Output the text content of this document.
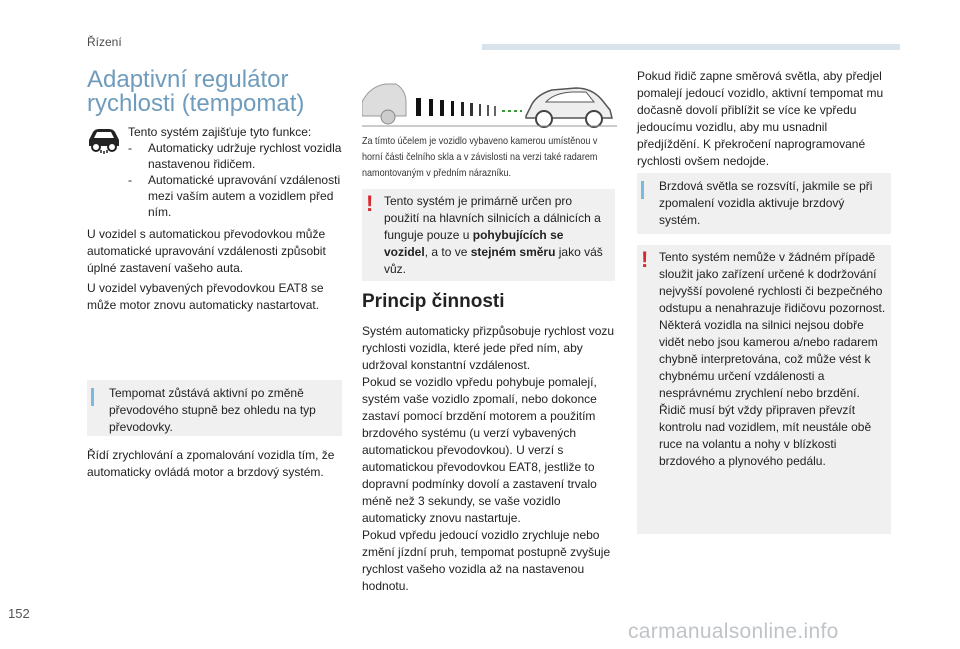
Řízení
Adaptivní regulátor rychlosti (tempomat)
Tento systém zajišťuje tyto funkce:
- Automaticky udržuje rychlost vozidla nastavenou řidičem.
- Automatické upravování vzdálenosti mezi vaším autem a vozidlem před ním.
U vozidel s automatickou převodovkou může automatické upravování vzdálenosti způsobit úplné zastavení vašeho auta.
U vozidel vybavených převodovkou EAT8 se může motor znovu automaticky nastartovat.
Tempomat zůstává aktivní po změně převodového stupně bez ohledu na typ převodovky.
Řídí zrychlování a zpomalování vozidla tím, že automaticky ovládá motor a brzdový systém.
Za tímto účelem je vozidlo vybaveno kamerou umístěnou v horní části čelního skla a v závislosti na verzi také radarem namontovaným v předním nárazníku.
! Tento systém je primárně určen pro použití na hlavních silnicích a dálnicích a funguje pouze u pohybujících se vozidel, a to ve stejném směru jako váš vůz.
Princip činnosti
Systém automaticky přizpůsobuje rychlost vozu rychlosti vozidla, které jede před ním, aby udržoval konstantní vzdálenost.
Pokud se vozidlo vpředu pohybuje pomalejí, systém vaše vozidlo zpomalí, nebo dokonce zastaví pomocí brzdění motorem a použitím brzdového systému (u verzí vybavených automatickou převodovkou). U verzí s automatickou převodovkou EAT8, jestliže to dopravní podmínky dovolí a zastavení trvalo méně než 3 sekundy, se vaše vozidlo automaticky znovu nastartuje.
Pokud vpředu jedoucí vozidlo zrychluje nebo změní jízdní pruh, tempomat postupně zvyšuje rychlost vašeho vozidla až na nastavenou hodnotu.
Pokud řidič zapne směrová světla, aby předjel pomalejí jedoucí vozidlo, aktivní tempomat mu dočasně dovolí přiblížit se více ke vpředu jedoucímu vozidlu, aby mu usnadnil předjíždění. K překročení naprogramované rychlosti ovšem nedojde.
Brzdová světla se rozsvítí, jakmile se při zpomalení vozidla aktivuje brzdový systém.
! Tento systém nemůže v žádném případě sloužit jako zařízení určené k dodržování nejvyšší povolené rychlosti či bezpečného odstupu a nenahrazuje řidičovu pozornost. Některá vozidla na silnici nejsou dobře vidět nebo jsou kamerou a/nebo radarem chybně interpretována, což může vést k chybnému určení vzdálenosti a nesprávnému zrychlení nebo brzdění. Řidič musí být vždy připraven převzít kontrolu nad vozidlem, mít neustále obě ruce na volantu a nohy v blízkosti brzdového a plynového pedálu.
152
carmanualsonline.info
